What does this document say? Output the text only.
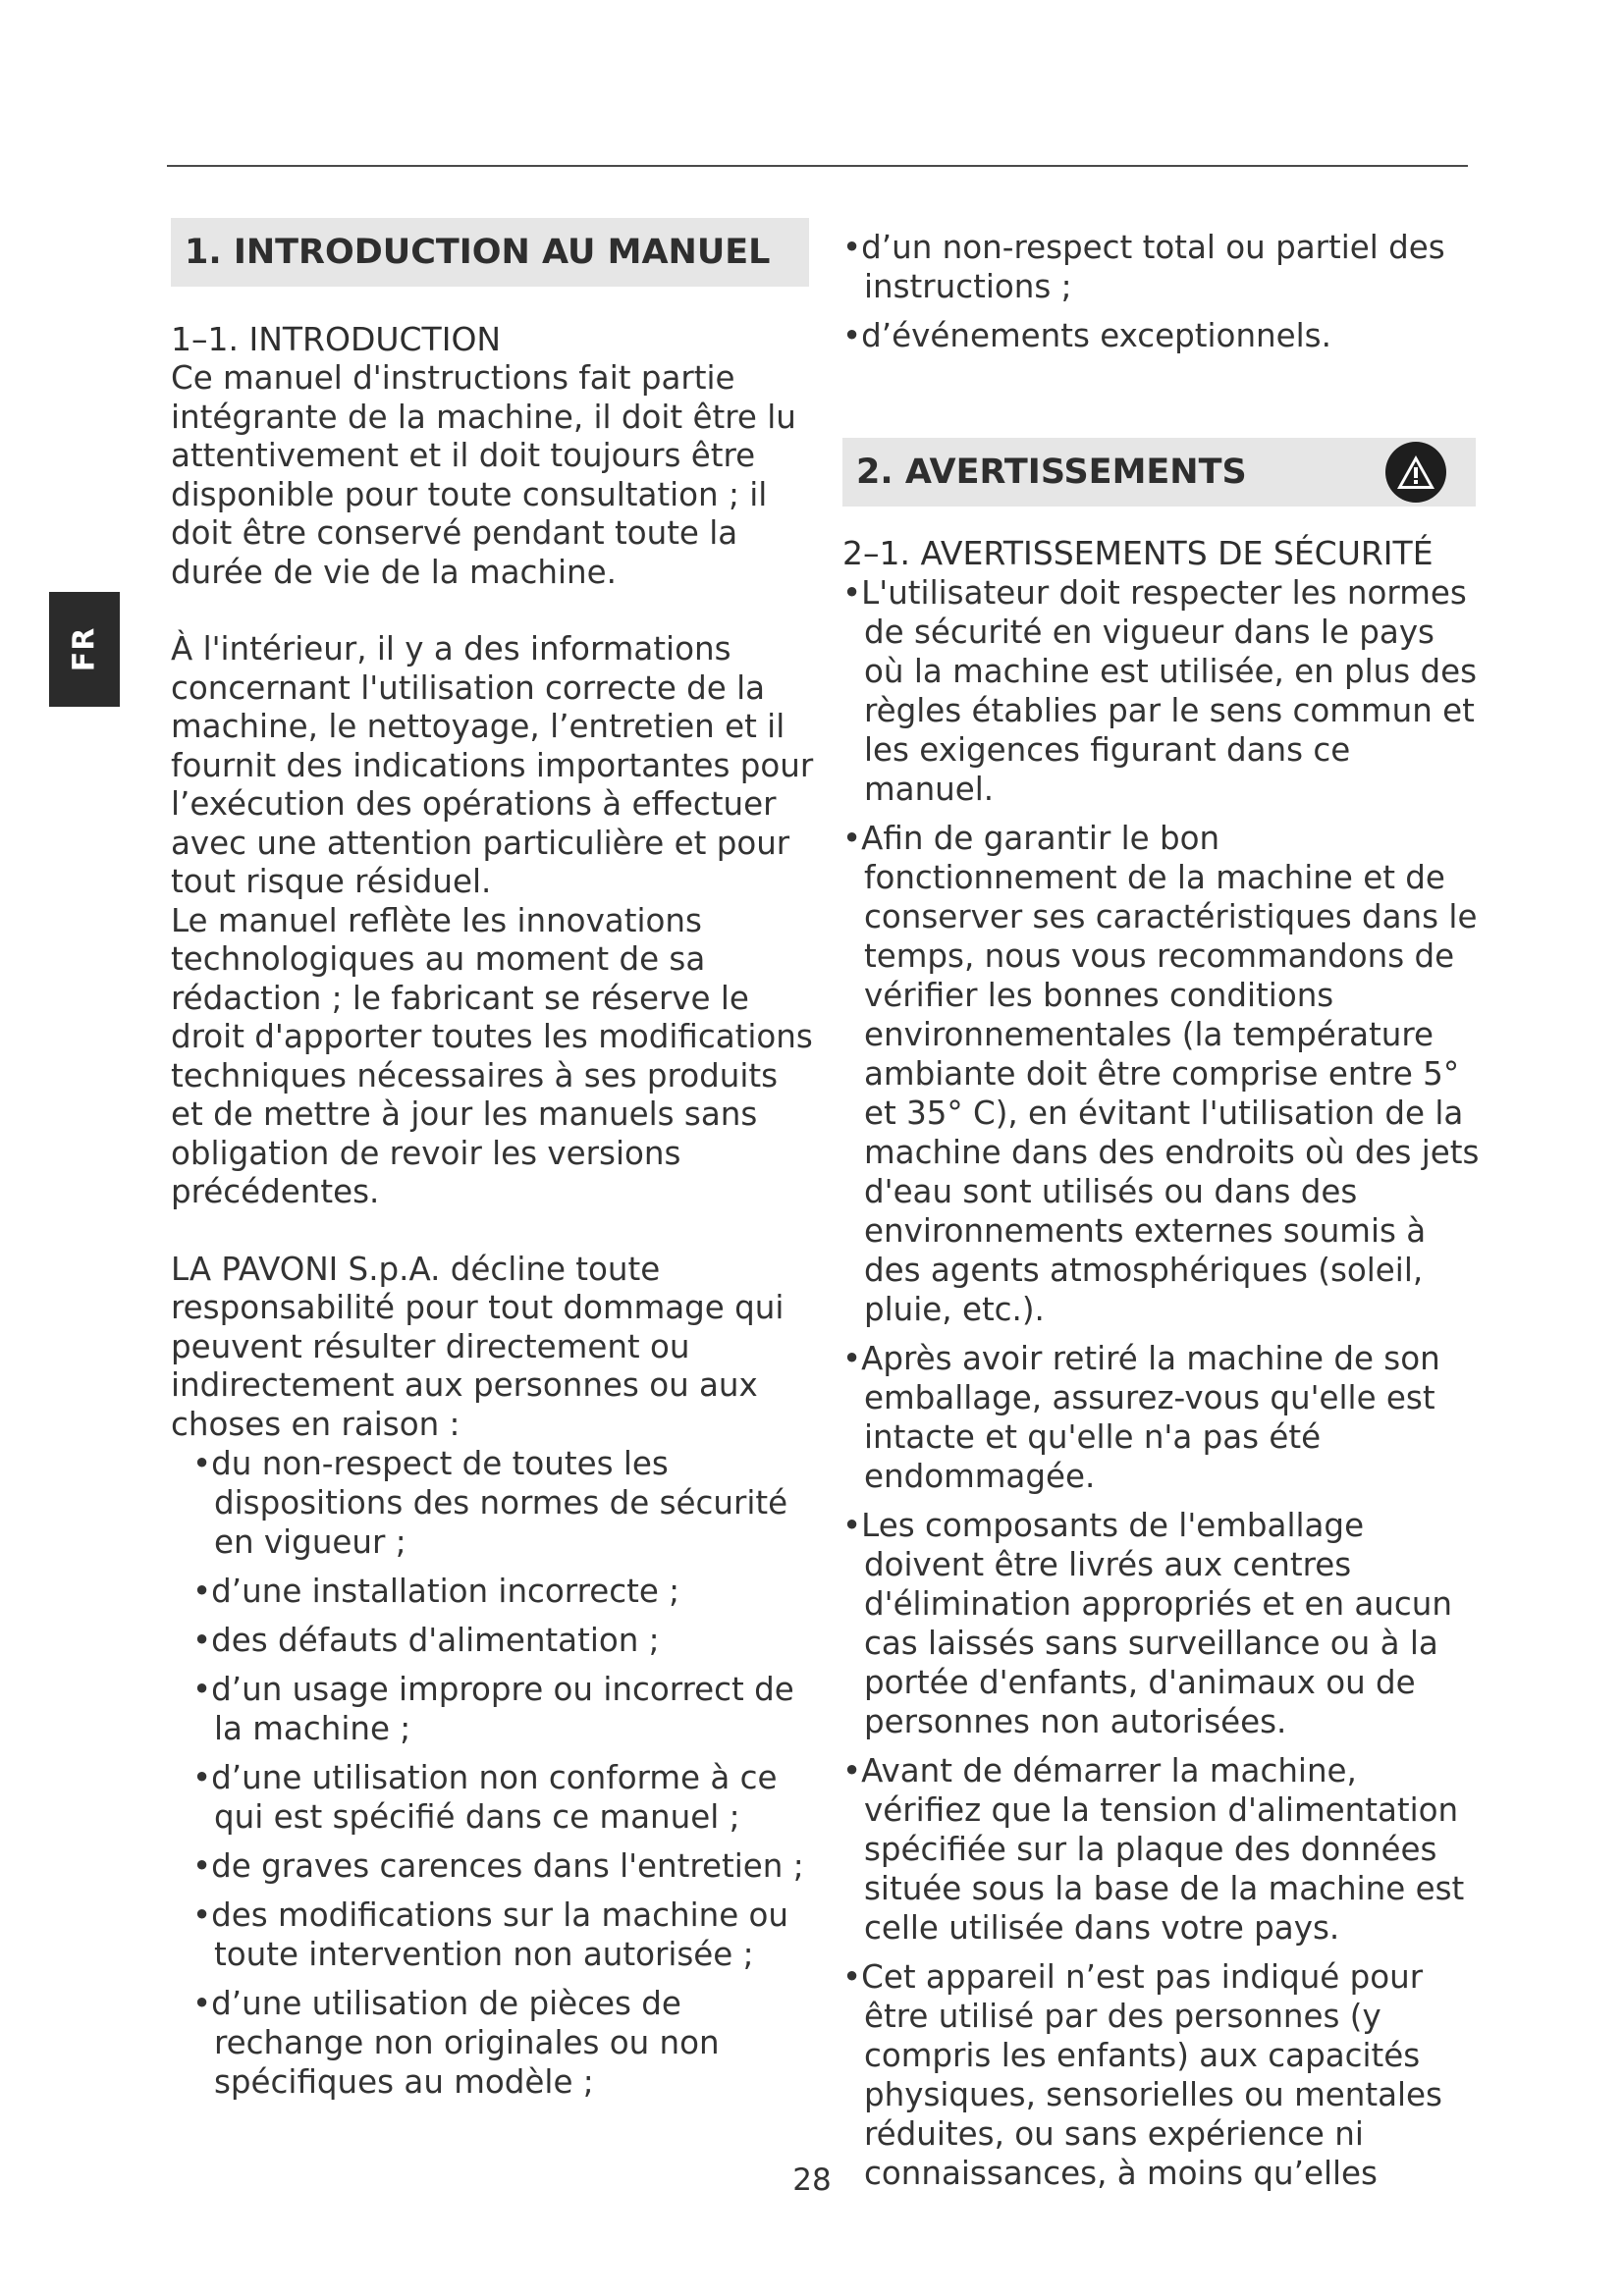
FR
1. INTRODUCTION AU MANUEL
1–1. INTRODUCTION

Ce manuel d'instructions fait partie intégrante de la machine, il doit être lu attentivement et il doit toujours être disponible pour toute consultation ; il doit être conservé pendant toute la durée de vie de la machine.

À l'intérieur, il y a des informations concernant l'utilisation correcte de la machine, le nettoyage, l’entretien et il fournit des indications importantes pour l’exécution des opérations à effectuer avec une attention particulière et pour tout risque résiduel.

Le manuel reflète les innovations technologiques au moment de sa rédaction ; le fabricant se réserve le droit d'apporter toutes les modifications techniques nécessaires à ses produits et de mettre à jour les manuels sans obligation de revoir les versions précédentes.

LA PAVONI S.p.A. décline toute responsabilité pour tout dommage qui peuvent résulter directement ou indirectement aux personnes ou aux choses en raison :

•du non-respect de toutes les dispositions des normes de sécurité en vigueur ;
•d’une installation incorrecte ;
•des défauts d'alimentation ;
•d’un usage impropre ou incorrect de la machine ;
•d’une utilisation non conforme à ce qui est spécifié dans ce manuel ;
•de graves carences dans l'entretien ;
•des modifications sur la machine ou toute intervention non autorisée ;
•d’une utilisation de pièces de rechange non originales ou non spécifiques au modèle ;
•d’un non-respect total ou partiel des instructions ;
•d’événements exceptionnels.
2. AVERTISSEMENTS
2–1. AVERTISSEMENTS DE SÉCURITÉ
•L'utilisateur doit respecter les normes de sécurité en vigueur dans le pays où la machine est utilisée, en plus des règles établies par le sens commun et les exigences figurant dans ce manuel.
•Afin de garantir le bon fonctionnement de la machine et de conserver ses caractéristiques dans le temps, nous vous recommandons de vérifier les bonnes conditions environnementales (la température ambiante doit être comprise entre 5° et 35° C), en évitant l'utilisation de la machine dans des endroits où des jets d'eau sont utilisés ou dans des environnements externes soumis à des agents atmosphériques (soleil, pluie, etc.).
•Après avoir retiré la machine de son emballage, assurez-vous qu'elle est intacte et qu'elle n'a pas été endommagée.
•Les composants de l'emballage doivent être livrés aux centres d'élimination appropriés et en aucun cas laissés sans surveillance ou à la portée d'enfants, d'animaux ou de personnes non autorisées.
•Avant de démarrer la machine, vérifiez que la tension d'alimentation spécifiée sur la plaque des données située sous la base de la machine est celle utilisée dans votre pays.
•Cet appareil n’est pas indiqué pour être utilisé par des personnes (y compris les enfants) aux capacités physiques, sensorielles ou mentales réduites, ou sans expérience ni connaissances, à moins qu’elles
28
